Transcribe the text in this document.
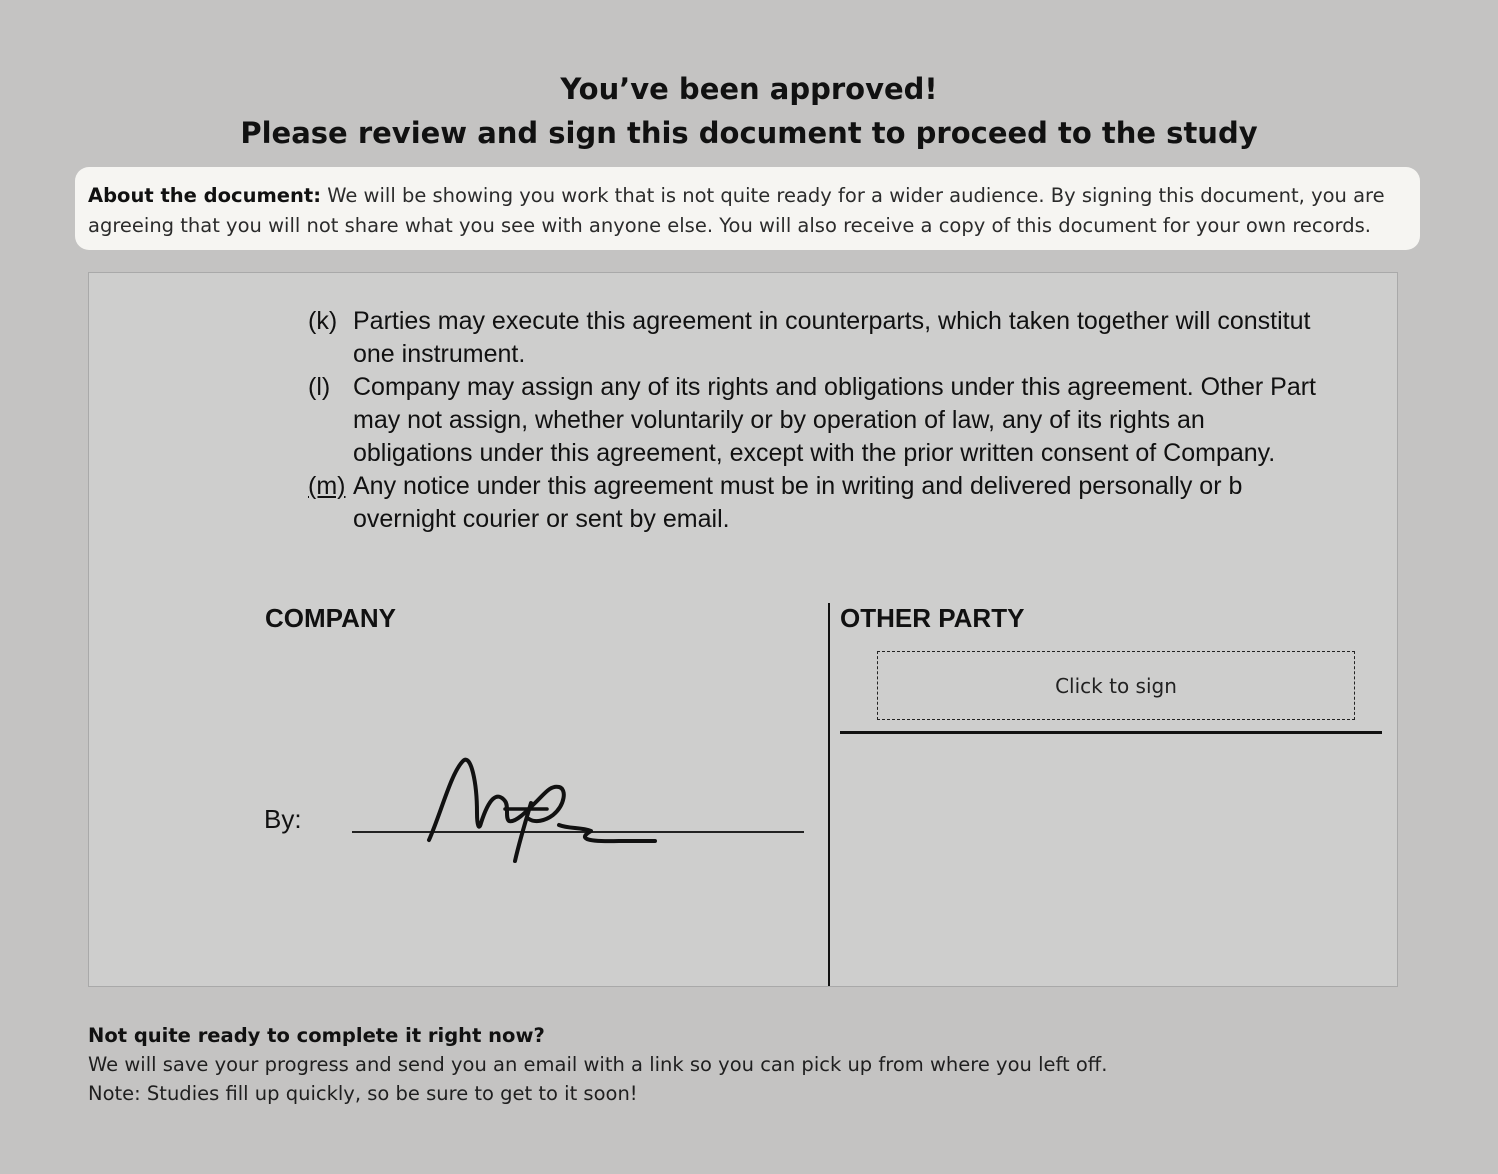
You’ve been approved!
Please review and sign this document to proceed to the study
About the document: We will be showing you work that is not quite ready for a wider audience. By signing this document, you are agreeing that you will not share what you see with anyone else. You will also receive a copy of this document for your own records.
(k) Parties may execute this agreement in counterparts, which taken together will constitut
one instrument.
(l) Company may assign any of its rights and obligations under this agreement. Other Part
may not assign, whether voluntarily or by operation of law, any of its rights an
obligations under this agreement, except with the prior written consent of Company.
(m) Any notice under this agreement must be in writing and delivered personally or b
overnight courier or sent by email.
COMPANY	OTHER PARTY
Click to sign
By:
Not quite ready to complete it right now?
We will save your progress and send you an email with a link so you can pick up from where you left off.
Note: Studies fill up quickly, so be sure to get to it soon!
